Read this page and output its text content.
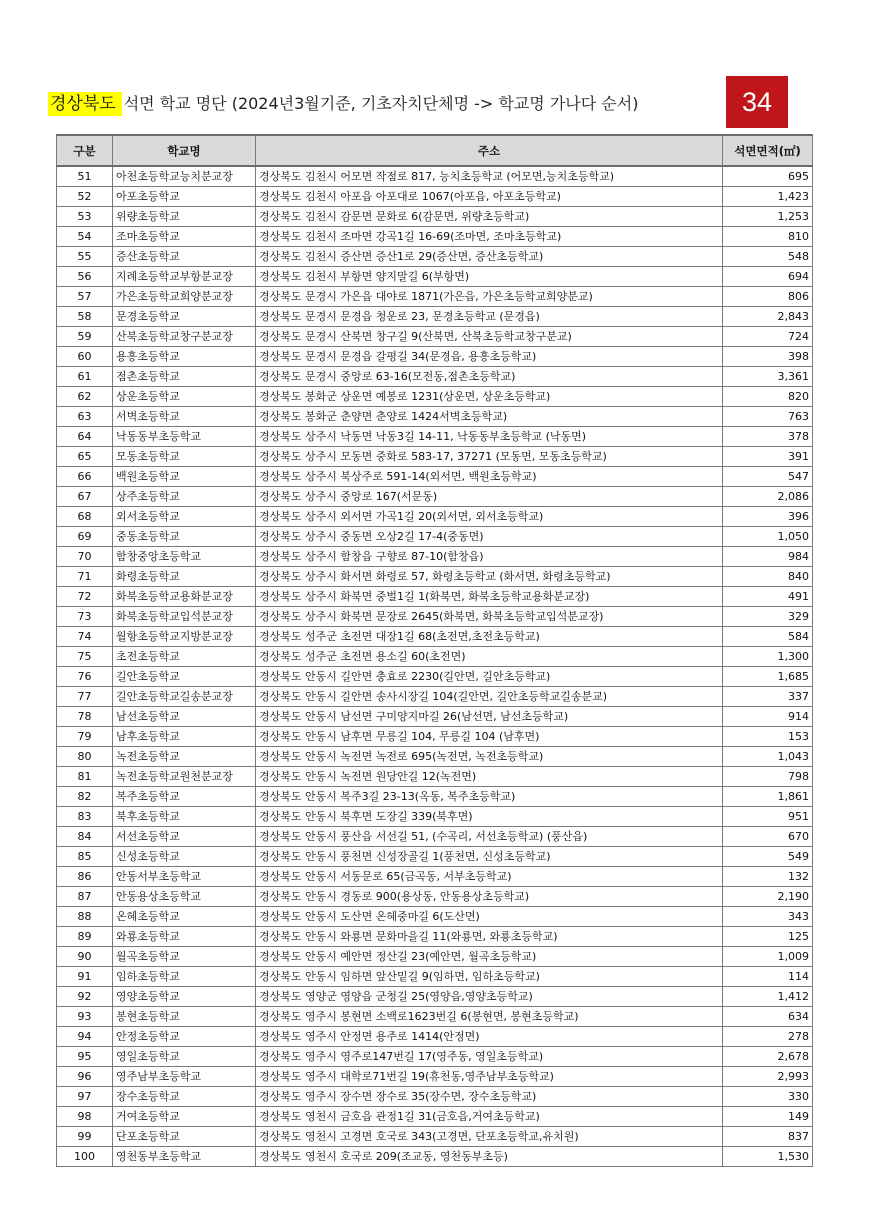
경상북도 석면 학교 명단 (2024년3월기준, 기초자치단체명 -> 학교명 가나다 순서)	34
구분	학교명	주소	석면면적(㎡)
51	아천초등학교능치분교장	경상북도 김천시 어모면 작점로 817, 능치초등학교 (어모면,능치초등학교)	695
52	아포초등학교	경상북도 김천시 아포읍 아포대로 1067(아포읍, 아포초등학교)	1,423
53	위량초등학교	경상북도 김천시 감문면 문화로 6(감문면, 위량초등학교)	1,253
54	조마초등학교	경상북도 김천시 조마면 강곡1길 16-69(조마면, 조마초등학교)	810
55	증산초등학교	경상북도 김천시 증산면 증산1로 29(증산면, 증산초등학교)	548
56	지례초등학교부항분교장	경상북도 김천시 부항면 양지말길 6(부항면)	694
57	가은초등학교희양분교장	경상북도 문경시 가은읍 대야로 1871(가은읍, 가은초등학교희양분교)	806
58	문경초등학교	경상북도 문경시 문경읍 청운로 23, 문경초등학교 (문경읍)	2,843
59	산북초등학교창구분교장	경상북도 문경시 산북면 창구길 9(산북면, 산북초등학교창구분교)	724
60	용흥초등학교	경상북도 문경시 문경읍 갈평길 34(문경읍, 용흥초등학교)	398
61	점촌초등학교	경상북도 문경시 중앙로 63-16(모전동,점촌초등학교)	3,361
62	상운초등학교	경상북도 봉화군 상운면 예봉로 1231(상운면, 상운초등학교)	820
63	서벽초등학교	경상북도 봉화군 춘양면 춘양로 1424서벽초등학교)	763
64	낙동동부초등학교	경상북도 상주시 낙동면 낙동3길 14-11, 낙동동부초등학교 (낙동면)	378
65	모동초등학교	경상북도 상주시 모동면 중화로 583-17, 37271 (모동면, 모동초등학교)	391
66	백원초등학교	경상북도 상주시 북상주로 591-14(외서면, 백원초등학교)	547
67	상주초등학교	경상북도 상주시 중앙로 167(서문동)	2,086
68	외서초등학교	경상북도 상주시 외서면 가곡1길 20(외서면, 외서초등학교)	396
69	중동초등학교	경상북도 상주시 중동면 오상2길 17-4(중동면)	1,050
70	함창중앙초등학교	경상북도 상주시 함창읍 구향로 87-10(함창읍)	984
71	화령초등학교	경상북도 상주시 화서면 화령로 57, 화령초등학교 (화서면, 화령초등학교)	840
72	화북초등학교용화분교장	경상북도 상주시 화북면 중벌1길 1(화북면, 화북초등학교용화분교장)	491
73	화북초등학교입석분교장	경상북도 상주시 화북면 문장로 2645(화북면, 화북초등학교입석분교장)	329
74	월항초등학교지방분교장	경상북도 성주군 초전면 대장1길 68(초전면,초전초등학교)	584
75	초전초등학교	경상북도 성주군 초전면 용소길 60(초전면)	1,300
76	길안초등학교	경상북도 안동시 길안면 충효로 2230(길안면, 길안초등학교)	1,685
77	길안초등학교길송분교장	경상북도 안동시 길안면 송사시장길 104(길안면, 길안초등학교길송분교)	337
78	남선초등학교	경상북도 안동시 남선면 구미양지마길 26(남선면, 남선초등학교)	914
79	남후초등학교	경상북도 안동시 남후면 무릉길 104, 무릉길 104 (남후면)	153
80	녹전초등학교	경상북도 안동시 녹전면 녹전로 695(녹전면, 녹전초등학교)	1,043
81	녹전초등학교원천분교장	경상북도 안동시 녹전면 원당안길 12(녹전면)	798
82	복주초등학교	경상북도 안동시 복주3길 23-13(옥동, 복주초등학교)	1,861
83	북후초등학교	경상북도 안동시 북후면 도장길 339(북후면)	951
84	서선초등학교	경상북도 안동시 풍산읍 서선길 51, (수곡리, 서선초등학교) (풍산읍)	670
85	신성초등학교	경상북도 안동시 풍천면 신성장골길 1(풍천면, 신성초등학교)	549
86	안동서부초등학교	경상북도 안동시 서동문로 65(금곡동, 서부초등학교)	132
87	안동용상초등학교	경상북도 안동시 경동로 900(용상동, 안동용상초등학교)	2,190
88	온혜초등학교	경상북도 안동시 도산면 온혜중마길 6(도산면)	343
89	와룡초등학교	경상북도 안동시 와룡면 문화마을길 11(와룡면, 와룡초등학교)	125
90	월곡초등학교	경상북도 안동시 예안면 정산길 23(예안면, 월곡초등학교)	1,009
91	임하초등학교	경상북도 안동시 임하면 앞산밑길 9(임하면, 임하초등학교)	114
92	영양초등학교	경상북도 영양군 영양읍 군청길 25(영양읍,영양초등학교)	1,412
93	봉현초등학교	경상북도 영주시 봉현면 소백로1623번길 6(봉현면, 봉현초등학교)	634
94	안정초등학교	경상북도 영주시 안정면 용주로 1414(안정면)	278
95	영일초등학교	경상북도 영주시 영주로147번길 17(영주동, 영일초등학교)	2,678
96	영주남부초등학교	경상북도 영주시 대학로71번길 19(휴천동,영주남부초등학교)	2,993
97	장수초등학교	경상북도 영주시 장수면 장수로 35(장수면, 장수초등학교)	330
98	거여초등학교	경상북도 영천시 금호읍 관정1길 31(금호읍,거여초등학교)	149
99	단포초등학교	경상북도 영천시 고경면 호국로 343(고경면, 단포초등학교,유치원)	837
100	영천동부초등학교	경상북도 영천시 호국로 209(조교동, 영천동부초등)	1,530
